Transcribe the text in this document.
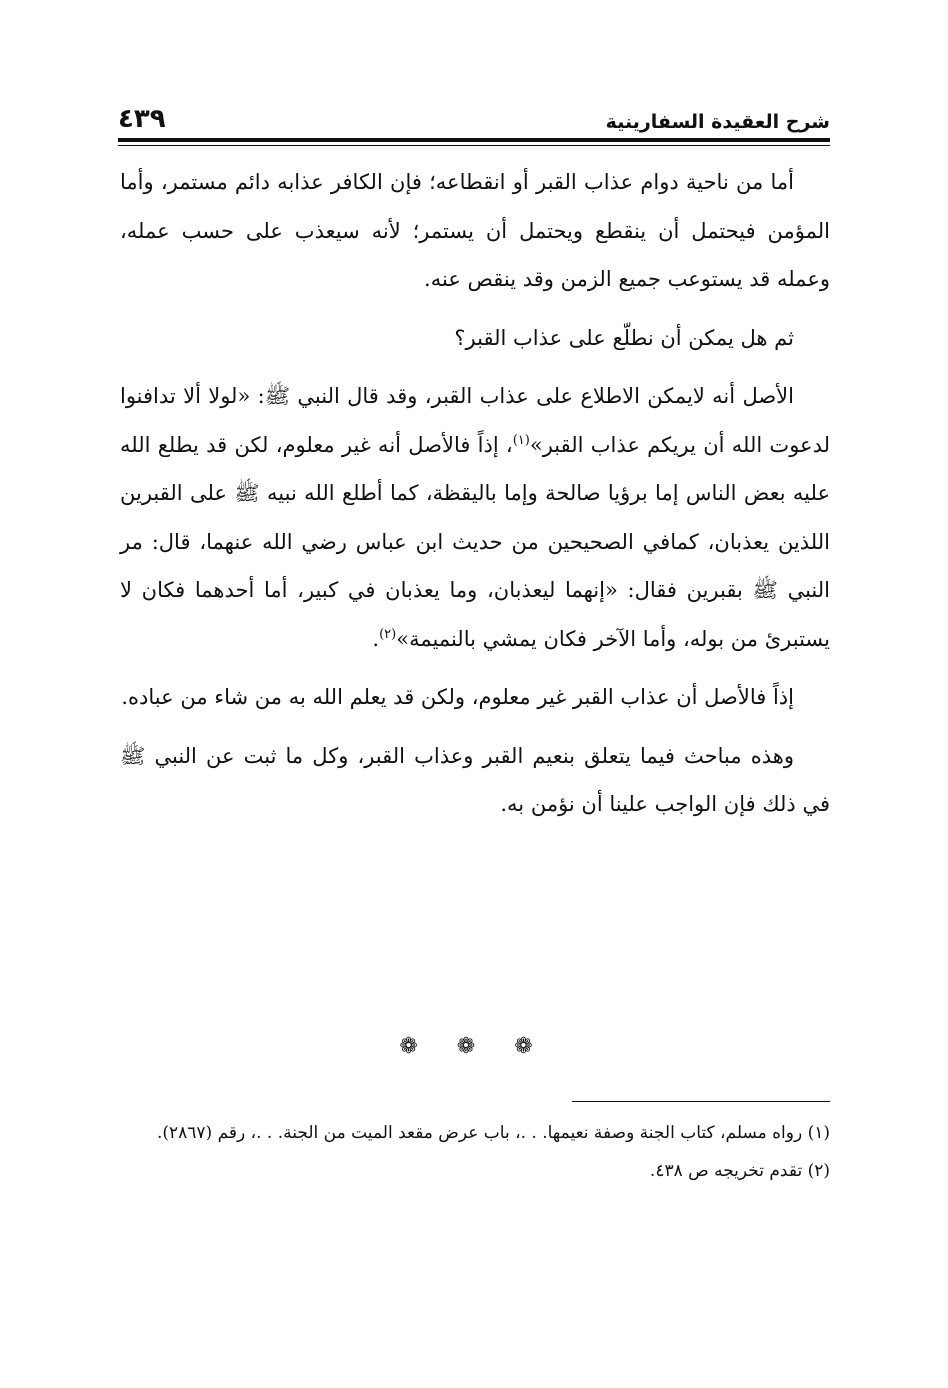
شرح العقيدة السفارينية
٤٣٩

أما من ناحية دوام عذاب القبر أو انقطاعه؛ فإن الكافر عذابه دائم مستمر، وأما المؤمن فيحتمل أن ينقطع ويحتمل أن يستمر؛ لأنه سيعذب على حسب عمله، وعمله قد يستوعب جميع الزمن وقد ينقص عنه.

ثم هل يمكن أن نطلّع على عذاب القبر؟

الأصل أنه لايمكن الاطلاع على عذاب القبر، وقد قال النبي ﷺ: «لولا ألا تدافنوا لدعوت الله أن يريكم عذاب القبر»$^{(١)}$، إذاً فالأصل أنه غير معلوم، لكن قد يطلع الله عليه بعض الناس إما برؤيا صالحة وإما باليقظة، كما أطلع الله نبيه ﷺ على القبرين اللذين يعذبان، كمافي الصحيحين من حديث ابن عباس رضي الله عنهما، قال: مر النبي ﷺ بقبرين فقال: «إنهما ليعذبان، وما يعذبان في كبير، أما أحدهما فكان لا يستبرئ من بوله، وأما الآخر فكان يمشي بالنميمة»$^{(٢)}$.

إذاً فالأصل أن عذاب القبر غير معلوم، ولكن قد يعلم الله به من شاء من عباده.

وهذه مباحث فيما يتعلق بنعيم القبر وعذاب القبر، وكل ما ثبت عن النبي ﷺ في ذلك فإن الواجب علينا أن نؤمن به.

❁ ❁ ❁

(١) رواه مسلم، كتاب الجنة وصفة نعيمها. . .، باب عرض مقعد الميت من الجنة. . .، رقم (٢٨٦٧).

(٢) تقدم تخريجه ص ٤٣٨.
